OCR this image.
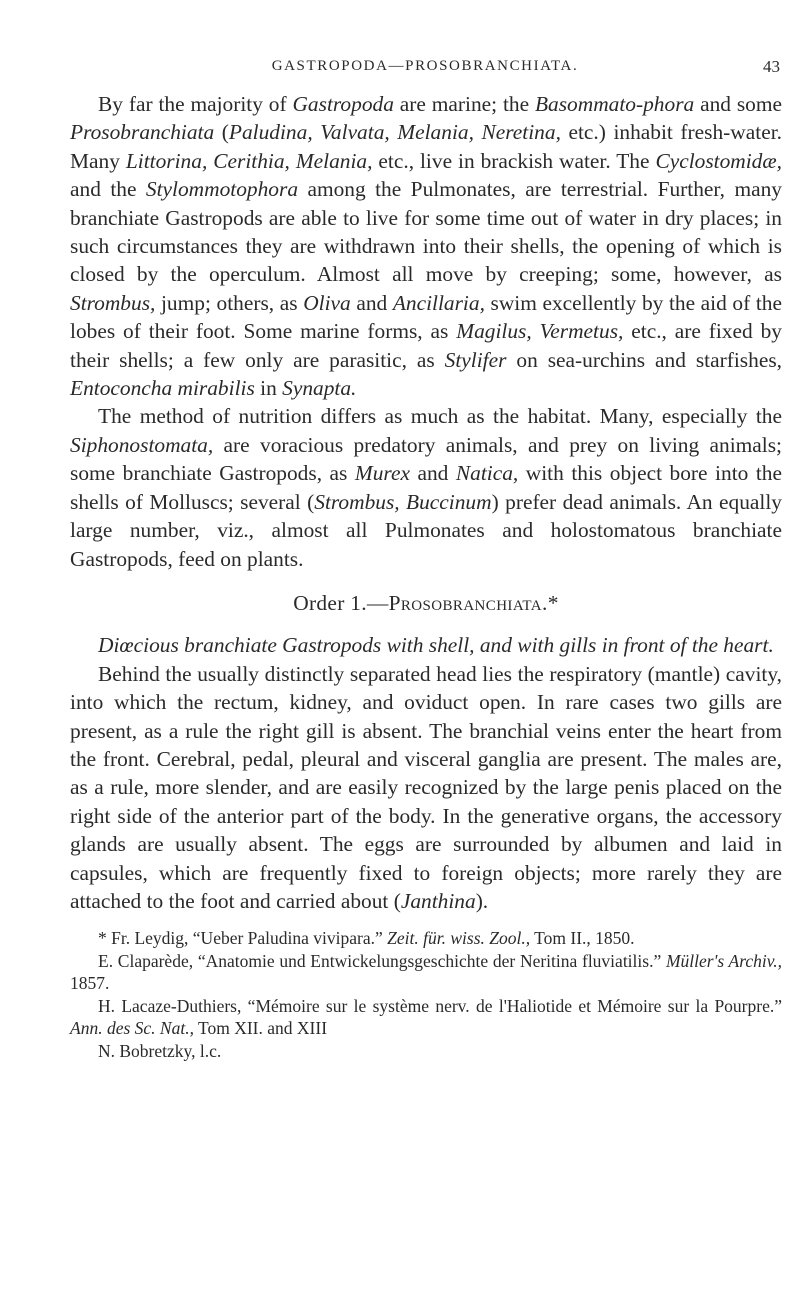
GASTROPODA—PROSOBRANCHIATA.	43

By far the majority of Gastropoda are marine; the Basommato-phora and some Prosobranchiata (Paludina, Valvata, Melania, Neretina, etc.) inhabit fresh-water. Many Littorina, Cerithia, Melania, etc., live in brackish water. The Cyclostomidæ, and the Stylommotophora among the Pulmonates, are terrestrial. Further, many branchiate Gastropods are able to live for some time out of water in dry places; in such circumstances they are withdrawn into their shells, the opening of which is closed by the operculum. Almost all move by creeping; some, however, as Strombus, jump; others, as Oliva and Ancillaria, swim excellently by the aid of the lobes of their foot. Some marine forms, as Magilus, Vermetus, etc., are fixed by their shells; a few only are parasitic, as Stylifer on sea-urchins and starfishes, Entoconcha mirabilis in Synapta.

The method of nutrition differs as much as the habitat. Many, especially the Siphonostomata, are voracious predatory animals, and prey on living animals; some branchiate Gastropods, as Murex and Natica, with this object bore into the shells of Molluscs; several (Strombus, Buccinum) prefer dead animals. An equally large number, viz., almost all Pulmonates and holostomatous branchiate Gastropods, feed on plants.

Order 1.—Prosobranchiata.*

Diœcious branchiate Gastropods with shell, and with gills in front of the heart.

Behind the usually distinctly separated head lies the respiratory (mantle) cavity, into which the rectum, kidney, and oviduct open. In rare cases two gills are present, as a rule the right gill is absent. The branchial veins enter the heart from the front. Cerebral, pedal, pleural and visceral ganglia are present. The males are, as a rule, more slender, and are easily recognized by the large penis placed on the right side of the anterior part of the body. In the generative organs, the accessory glands are usually absent. The eggs are surrounded by albumen and laid in capsules, which are frequently fixed to foreign objects; more rarely they are attached to the foot and carried about (Janthina).

* Fr. Leydig, “Ueber Paludina vivipara.” Zeit. für. wiss. Zool., Tom II., 1850.

E. Claparède, “Anatomie und Entwickelungsgeschichte der Neritina fluviatilis.” Müller's Archiv., 1857.

H. Lacaze-Duthiers, “Mémoire sur le système nerv. de l'Haliotide et Mémoire sur la Pourpre.” Ann. des Sc. Nat., Tom XII. and XIII

N. Bobretzky, l.c.
